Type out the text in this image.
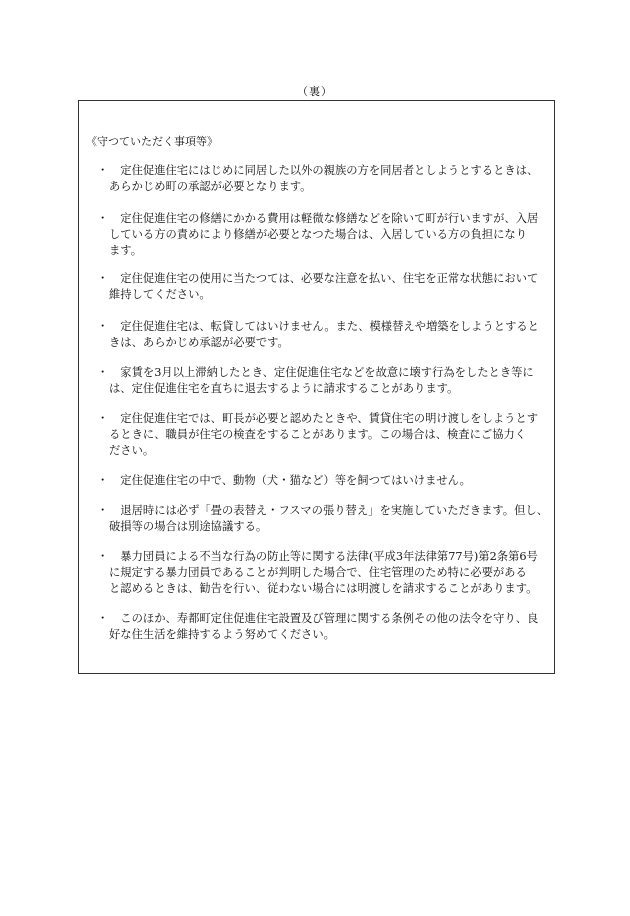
（裏）
《守つていただく事項等》
・ 　定住促進住宅にはじめに同居した以外の親族の方を同居者としようとするときは、
あらかじめ町の承認が必要となります。
・ 　定住促進住宅の修繕にかかる費用は軽微な修繕などを除いて町が行いますが、入居
している方の責めにより修繕が必要となつた場合は、入居している方の負担になり
ます。
・ 　定住促進住宅の使用に当たつては、必要な注意を払い、住宅を正常な状態において
維持してください。
・ 　定住促進住宅は、転貸してはいけません。また、模様替えや増築をしようとすると
きは、あらかじめ承認が必要です。
・ 　家賃を3月以上滞納したとき、定住促進住宅などを故意に壊す行為をしたとき等に
は、定住促進住宅を直ちに退去するように請求することがあります。
・ 　定住促進住宅では、町長が必要と認めたときや、賃貸住宅の明け渡しをしようとす
るときに、職員が住宅の検査をすることがあります。この場合は、検査にご協力く
ださい。
・ 　定住促進住宅の中で、動物（犬・猫など）等を飼つてはいけません。
・ 　退居時には必ず「畳の表替え・フスマの張り替え」を実施していただきます。但し、
破損等の場合は別途協議する。
・ 　暴力団員による不当な行為の防止等に関する法律(平成3年法律第77号)第2条第6号
に規定する暴力団員であることが判明した場合で、住宅管理のため特に必要がある
と認めるときは、勧告を行い、従わない場合には明渡しを請求することがあります。
・ 　このほか、寿都町定住促進住宅設置及び管理に関する条例その他の法令を守り、良
好な住生活を維持するよう努めてください。
